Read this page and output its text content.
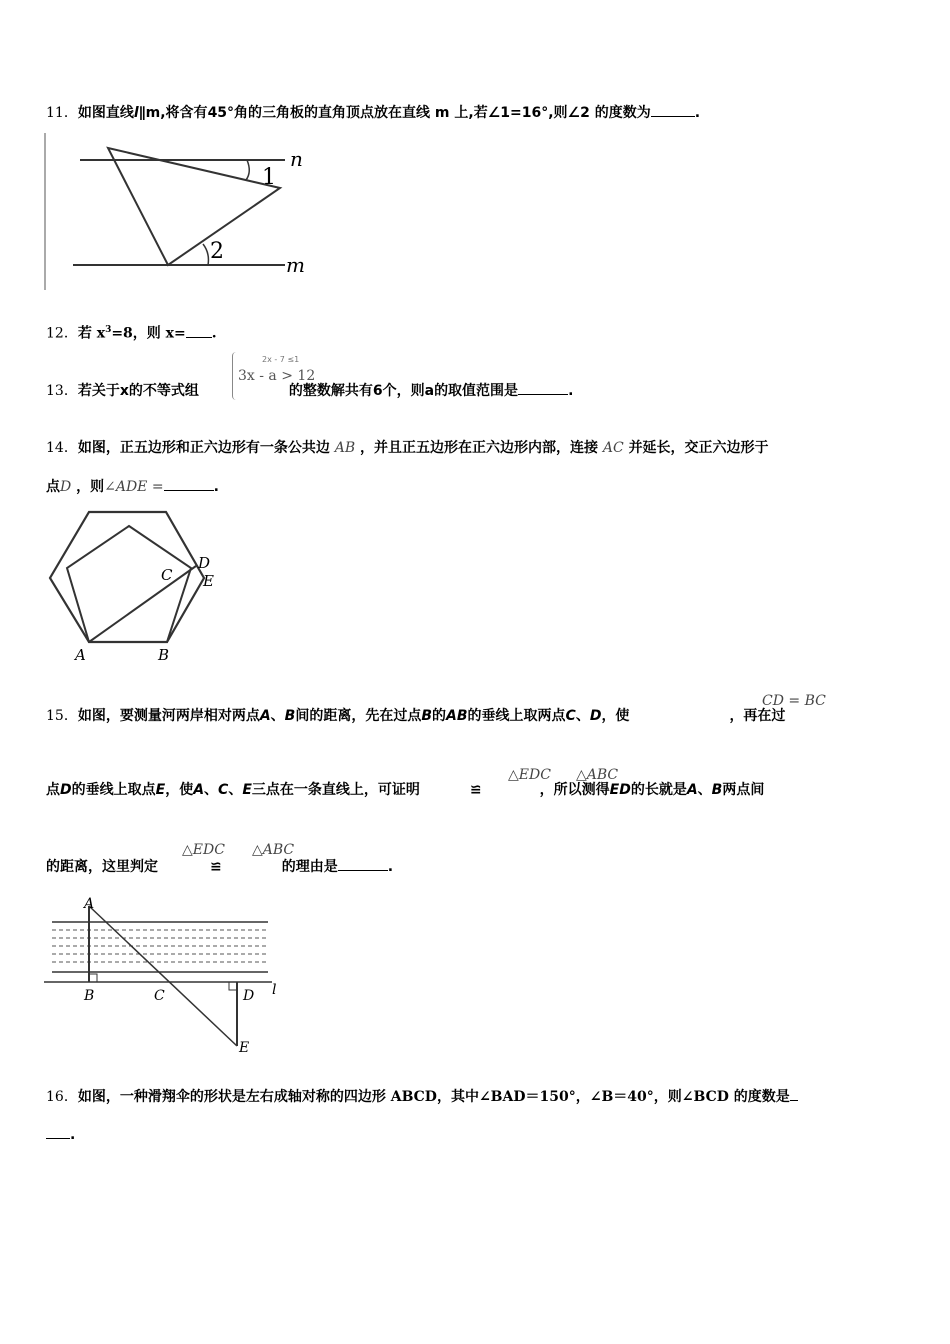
11．如图直线l∥m,将含有45°角的三角板的直角顶点放在直线 m 上,若∠1=16°,则∠2 的度数为	.
n
m
1
2
12．若 $x^3=8$，则 x= .
13．若关于x的不等式组	的整数解共有6个，则a的取值范围是	.
2x - 7 ≤1
3x - a > 12
14．如图，正五边形和正六边形有一条公共边 AB ，并且正五边形在正六边形内部，连接 AC 并延长，交正六边形于
点D ，则∠ADE =	.
A	B
C
D
E
15．如图，要测量河两岸相对两点A、B间的距离，先在过点B的AB的垂线上取两点C、D，使	，再在过
CD = BC
点D的垂线上取点E，使A、C、E三点在一条直线上，可证明	≌	，所以测得ED的长就是A、B两点间
△EDC △ABC
的距离，这里判定	≌	的理由是	.
△EDC △ABC
A
B	C	D l
E
16．如图，一种滑翔伞的形状是左右成轴对称的四边形 ABCD，其中∠BAD＝150°，∠B＝40°，则∠BCD 的度数是
.
